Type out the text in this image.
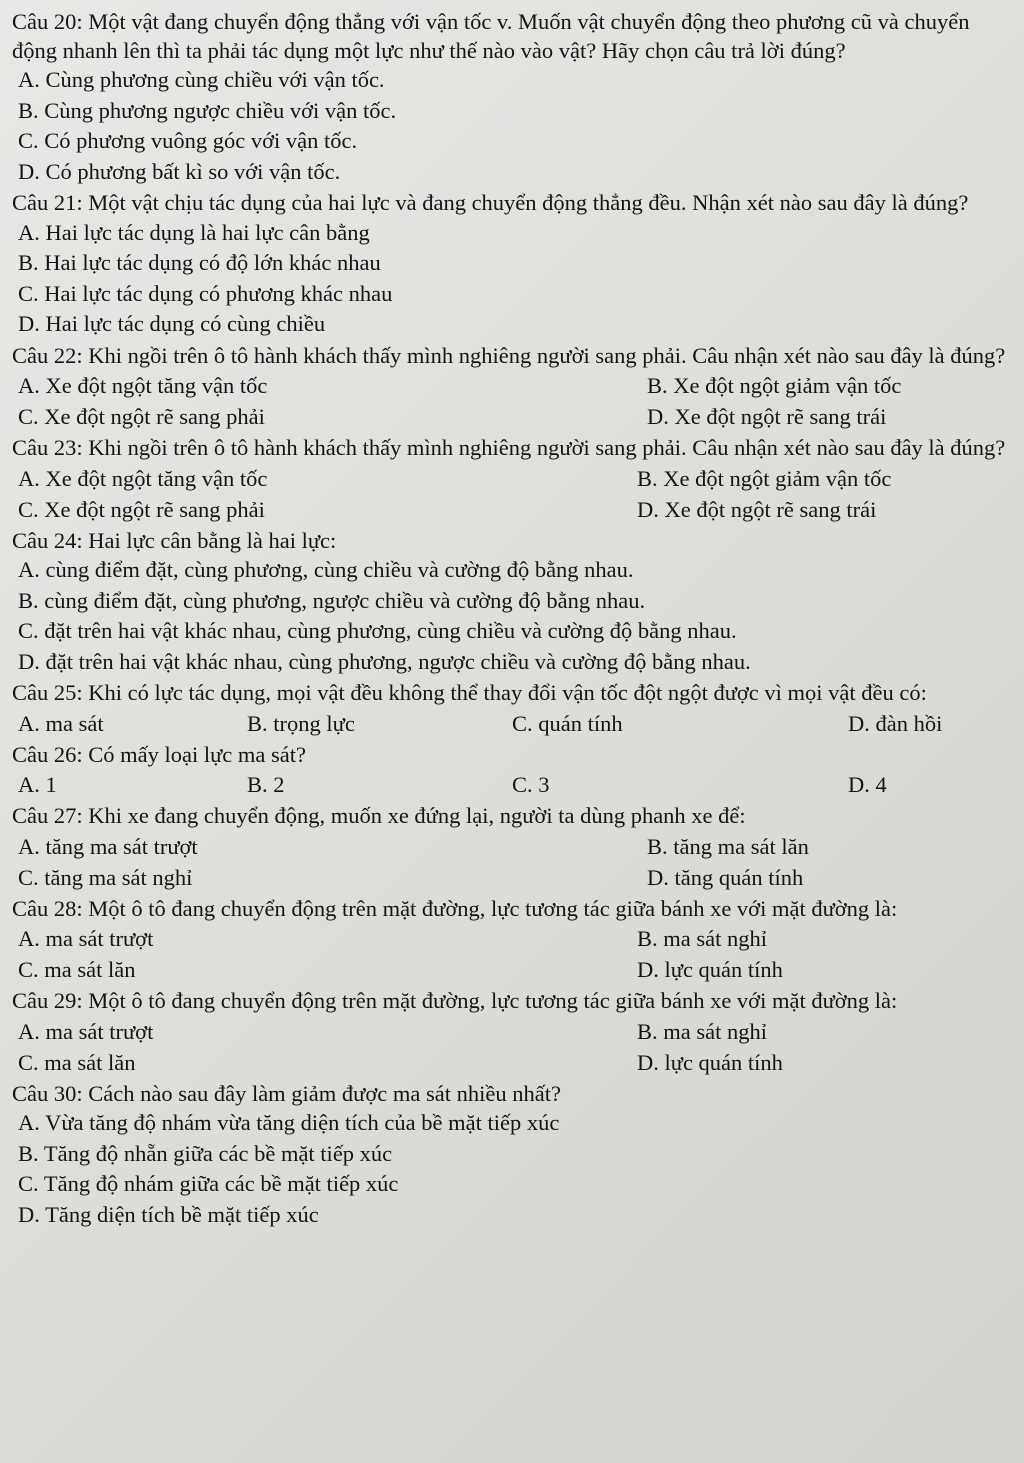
Câu 20: Một vật đang chuyển động thẳng với vận tốc v. Muốn vật chuyển động theo phương cũ và chuyển động nhanh lên thì ta phải tác dụng một lực như thế nào vào vật? Hãy chọn câu trả lời đúng?

A. Cùng phương cùng chiều với vận tốc.
B. Cùng phương ngược chiều với vận tốc.
C. Có phương vuông góc với vận tốc.
D. Có phương bất kì so với vận tốc.

Câu 21: Một vật chịu tác dụng của hai lực và đang chuyển động thẳng đều. Nhận xét nào sau đây là đúng?

A. Hai lực tác dụng là hai lực cân bằng
B. Hai lực tác dụng có độ lớn khác nhau
C. Hai lực tác dụng có phương khác nhau
D. Hai lực tác dụng có cùng chiều

Câu 22: Khi ngồi trên ô tô hành khách thấy mình nghiêng người sang phải. Câu nhận xét nào sau đây là đúng?

A. Xe đột ngột tăng vận tốc	B. Xe đột ngột giảm vận tốc
C. Xe đột ngột rẽ sang phải	D. Xe đột ngột rẽ sang trái

Câu 23: Khi ngồi trên ô tô hành khách thấy mình nghiêng người sang phải. Câu nhận xét nào sau đây là đúng?

A. Xe đột ngột tăng vận tốc	B. Xe đột ngột giảm vận tốc
C. Xe đột ngột rẽ sang phải	D. Xe đột ngột rẽ sang trái

Câu 24: Hai lực cân bằng là hai lực:

A. cùng điểm đặt, cùng phương, cùng chiều và cường độ bằng nhau.
B. cùng điểm đặt, cùng phương, ngược chiều và cường độ bằng nhau.
C. đặt trên hai vật khác nhau, cùng phương, cùng chiều và cường độ bằng nhau.
D. đặt trên hai vật khác nhau, cùng phương, ngược chiều và cường độ bằng nhau.

Câu 25: Khi có lực tác dụng, mọi vật đều không thể thay đổi vận tốc đột ngột được vì mọi vật đều có:

A. ma sát	B. trọng lực	C. quán tính	D. đàn hồi

Câu 26: Có mấy loại lực ma sát?

A. 1	B. 2	C. 3	D. 4

Câu 27: Khi xe đang chuyển động, muốn xe đứng lại, người ta dùng phanh xe để:

A. tăng ma sát trượt	B. tăng ma sát lăn
C. tăng ma sát nghỉ	D. tăng quán tính

Câu 28: Một ô tô đang chuyển động trên mặt đường, lực tương tác giữa bánh xe với mặt đường là:

A. ma sát trượt	B. ma sát nghỉ
C. ma sát lăn	D. lực quán tính

Câu 29: Một ô tô đang chuyển động trên mặt đường, lực tương tác giữa bánh xe với mặt đường là:

A. ma sát trượt	B. ma sát nghỉ
C. ma sát lăn	D. lực quán tính

Câu 30: Cách nào sau đây làm giảm được ma sát nhiều nhất?

A. Vừa tăng độ nhám vừa tăng diện tích của bề mặt tiếp xúc
B. Tăng độ nhẵn giữa các bề mặt tiếp xúc
C. Tăng độ nhám giữa các bề mặt tiếp xúc
D. Tăng diện tích bề mặt tiếp xúc
